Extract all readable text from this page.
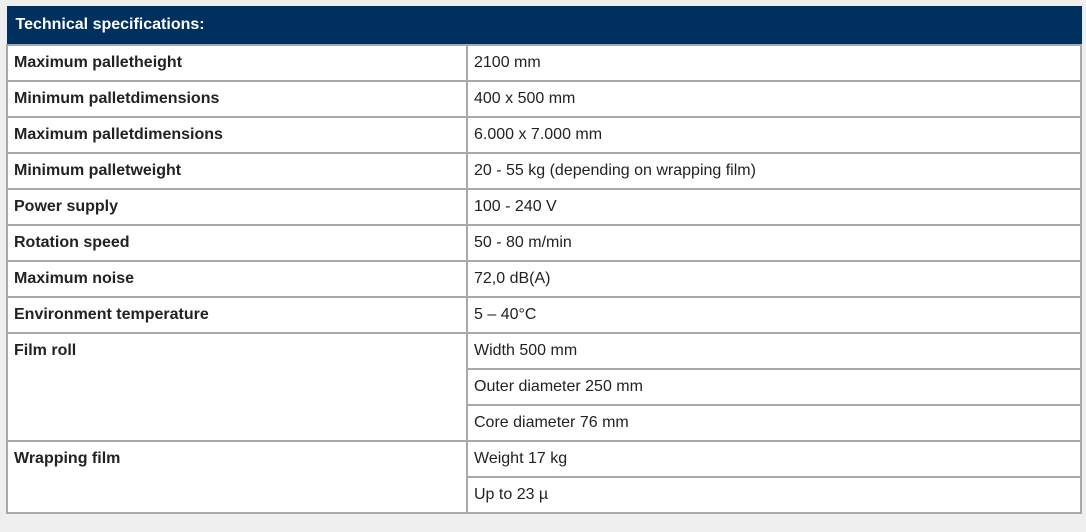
Technical specifications:	
Maximum palletheight	2100 mm
Minimum palletdimensions	400 x 500 mm
Maximum palletdimensions	6.000 x 7.000 mm
Minimum palletweight	20 - 55 kg (depending on wrapping film)
Power supply	100 - 240 V
Rotation speed	50 - 80 m/min
Maximum noise	72,0 dB(A)
Environment temperature	5 – 40°C
Film roll	Width 500 mm
	Outer diameter 250 mm
	Core diameter 76 mm
Wrapping film	Weight 17 kg
	Up to 23 µ
